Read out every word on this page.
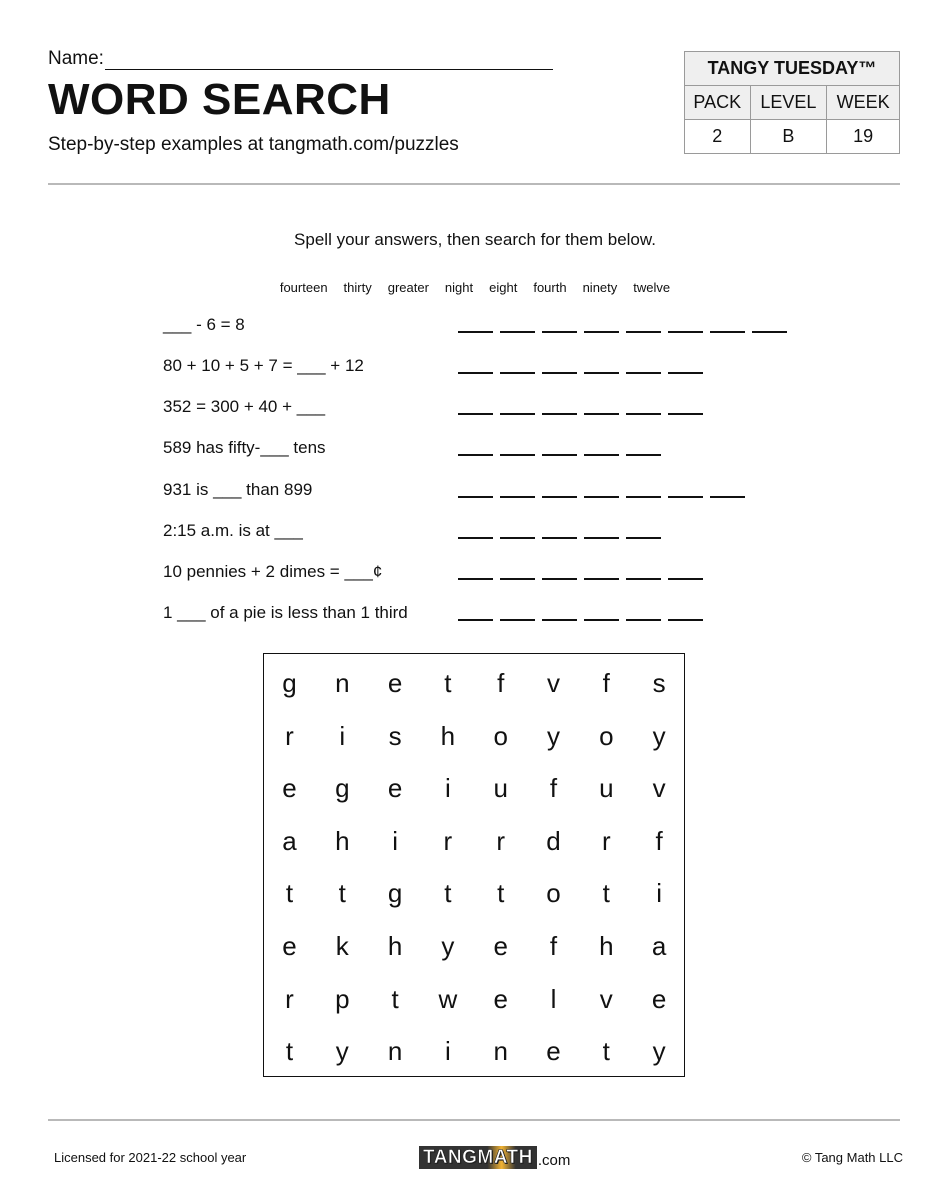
Name:
WORD SEARCH
Step-by-step examples at tangmath.com/puzzles
TANGY TUESDAY™		
PACK	LEVEL	WEEK
2	B	19
Spell your answers, then search for them below.
fourteen thirty greater night eight fourth ninety twelve
___ - 6 = 8
80 + 10 + 5 + 7 = ___ + 12
352 = 300 + 40 + ___
589 has fifty-___ tens
931 is ___ than 899
2:15 a.m. is at ___
10 pennies + 2 dimes = ___¢
1 ___ of a pie is less than 1 third
g	n	e	t	f	v	f	s
r	i	s	h	o	y	o	y
e	g	e	i	u	f	u	v
a	h	i	r	r	d	r	f
t	t	g	t	t	o	t	i
e	k	h	y	e	f	h	a
r	p	t	w	e	l	v	e
t	y	n	i	n	e	t	y
Licensed for 2021-22 school year	TANGMATH .com	© Tang Math LLC
